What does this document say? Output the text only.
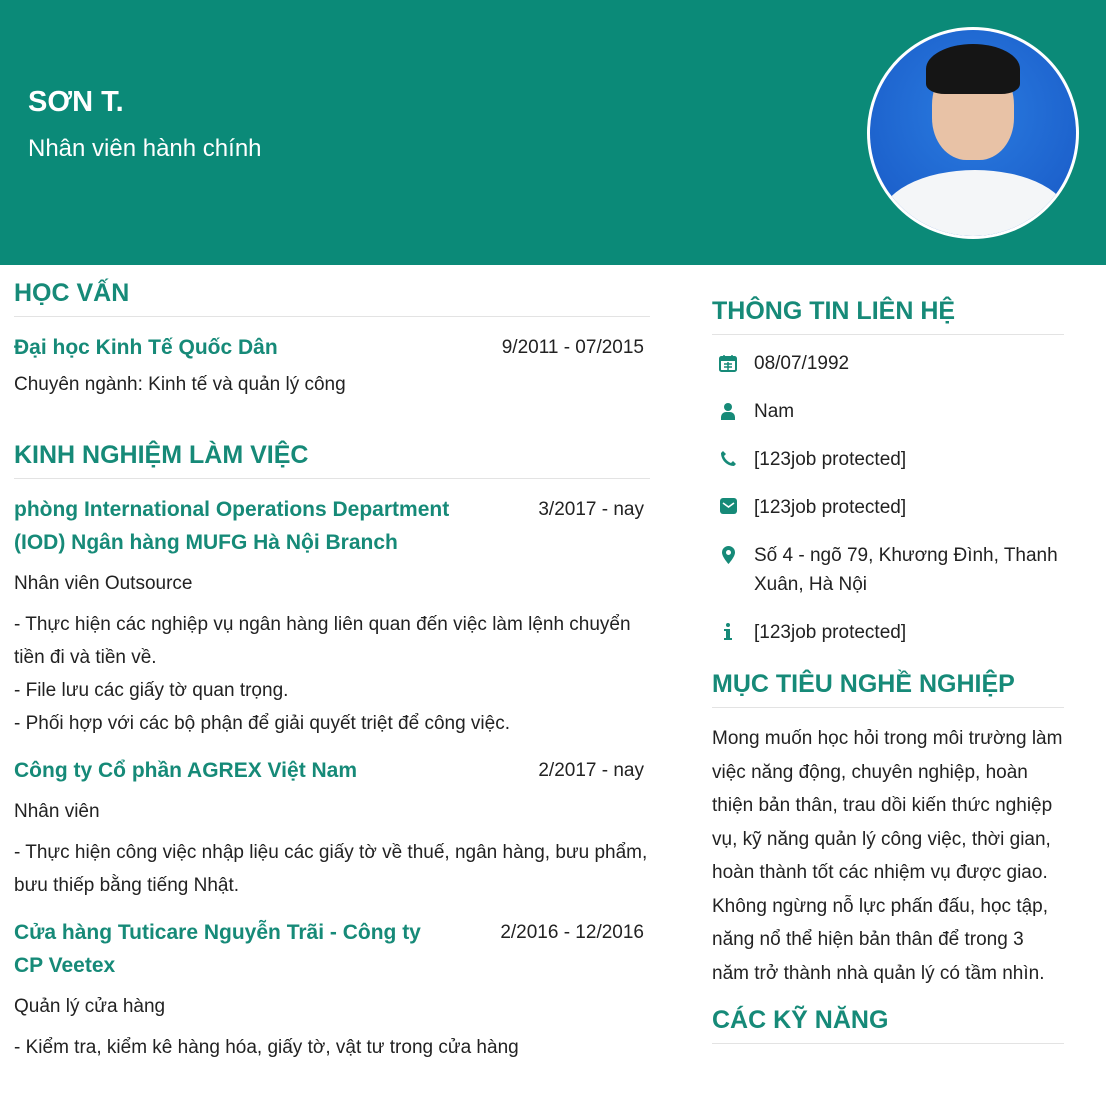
SƠN T.
Nhân viên hành chính
HỌC VẤN
Đại học Kinh Tế Quốc Dân	9/2011 - 07/2015
Chuyên ngành: Kinh tế và quản lý công
KINH NGHIỆM LÀM VIỆC
phòng International Operations Department (IOD) Ngân hàng MUFG Hà Nội Branch
3/2017 - nay
Nhân viên Outsource
- Thực hiện các nghiệp vụ ngân hàng liên quan đến việc làm lệnh chuyển tiền đi và tiền về.
- File lưu các giấy tờ quan trọng.
- Phối hợp với các bộ phận để giải quyết triệt để công việc.
Công ty Cổ phần AGREX Việt Nam	2/2017 - nay
Nhân viên
- Thực hiện công việc nhập liệu các giấy tờ về thuế, ngân hàng, bưu phẩm, bưu thiếp bằng tiếng Nhật.
Cửa hàng Tuticare Nguyễn Trãi - Công ty CP Veetex
2/2016 - 12/2016
Quản lý cửa hàng
- Kiểm tra, kiểm kê hàng hóa, giấy tờ, vật tư trong cửa hàng
THÔNG TIN LIÊN HỆ
08/07/1992
Nam
[123job protected]
[123job protected]
Số 4 - ngõ 79, Khương Đình, Thanh Xuân, Hà Nội
[123job protected]
MỤC TIÊU NGHỀ NGHIỆP
Mong muốn học hỏi trong môi trường làm việc năng động, chuyên nghiệp, hoàn thiện bản thân, trau dồi kiến thức nghiệp vụ, kỹ năng quản lý công việc, thời gian, hoàn thành tốt các nhiệm vụ được giao.
Không ngừng nỗ lực phấn đấu, học tập, năng nổ thể hiện bản thân để trong 3 năm trở thành nhà quản lý có tầm nhìn.
CÁC KỸ NĂNG
